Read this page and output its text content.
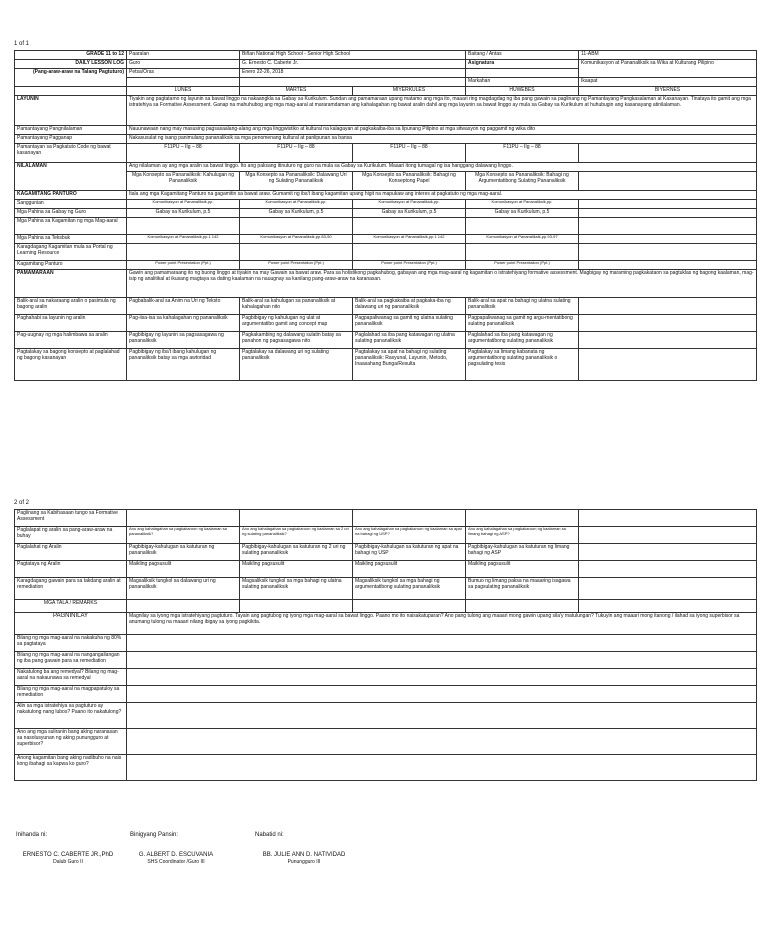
1 of 1
GRADE 11 to 12	Paaralan	Biñan National High School - Senior High School		Baitang / Antas	11-ABM
DAILY LESSON LOG	Guro	G. Ernesto C. Caberte Jr.		Asignatura	Komunikasyon at Pananaliksik sa Wika at Kulturang Pilipino
(Pang-araw-araw na Talang Pagtuturo)	Petsa/Oras	Enero 22-26, 2018			
				Markahan	Ikaapat
	LUNES	MARTES	MIYERKULES	HUWEBES	BIYERNES
LAYUNIN	Tiyakin ang pagtatamo ng layunin sa bawat linggo na nakaangkla sa Gabay sa Kurikulum. Sundan ang pamamaraan upang matamo ang mga ito, maaari ring magdagdag ng iba pang gawain sa paglinang ng Pamantayang Pangkasalaman at Kasanayan. Tinataya ito gamit ang mga istratehiya sa Formative Assessment. Ganap na mahuhubog ang mga mag-aaral at mararamdaman ang kahalagahan ng bawat aralin dahil ang mga layunin sa bawat linggo ay mula sa Gabay sa Kurikulum at huhubugin ang kasanayang atinilalaman.				
Pamantayang Pangnilalaman	Nauunawaan nang may masusing pagsasaalang-alang ang mga linggwistiko at kultural na kalagayan at pagkakaiba-iba sa lipunang Pilipino at mga sitwasyon ng paggamit ng wika dito				
Pamantayang Pagganap	Nakasusulat ng isang panimulang pananaliksik sa mga penomenang kultural at panlipunan sa bansa				
Pamantayan sa Pagkatuto Code ng bawat kasanayan	F11PU – IIg – 88	F11PU – IIg – 88	F11PU – IIg – 88	F11PU – IIg – 88	
NILALAMAN	Ang nilalaman ay ang mga aralin sa bawat linggo. Ito ang paksang itinuturo ng guro na mula sa Gabay sa Kurikulum. Maaari itong tumagal ng isa hanggang dalawang linggo.				
	Mga Konsepto sa Pananaliksik: Kahulugan ng Pananaliksik	Mga Konsepto sa Pananaliksik: Dalawang Uri ng Sulating Pananaliksik	Mga Konsepto sa Pananaliksik: Bahagi ng Konseptong Papel	Mga Konsepto sa Pananaliksik: Bahagi ng Argumentatibong Sulating Pananaliksik	
KAGAMITANG PANTURO	Itala ang mga Kagamitang Panturo na gagamitin sa bawat araw. Gumamit ng iba't ibang kagamitan upang higit na mapukaw ang interes at pagkatuto ng mga mag-aaral.				
Sanggunian	Komunikasyon at Pananaliksik,pp.	Komunikasyon at Pananaliksik,pp.	Komunikasyon at Pananaliksik,pp.	Komunikasyon at Pananaliksik,pp.	
Mga Pahina sa Gabay ng Guro	Gabay sa Kurikulum, p.5	Gabay sa Kurikulum, p.5	Gabay sa Kurikulum, p.5	Gabay sa Kurikulum, p.5	
Mga Pahina sa Kagamitan ng mga Mag-aaral					
Mga Pahina sa Teksbuk	Komunikasyon at Pananaliksik,pp.1 142	Komunikasyon at Pananaliksik,pp.83-90	Komunikasyon at Pananaliksik,pp.1 142	Komunikasyon at Pananaliksik,pp.93-97	
Karagdagang Kagamitan mula sa Portal ng Learning Resource					
Kagamitang Panturo	Power point Presentation (Ppt.)	Power point Presentation (Ppt.)	Power point Presentation (Ppt.)	Power point Presentation (Ppt.)	
PAMAMARAAN	Gawin ang pamamaraang ito ng buong linggo at tiyakin na may Gawain sa bawat araw. Para sa holistikong pagkahubog, gabayan ang mga mag-aaral ng kagamitan o istratehiyang formative assessment. Magbigay ng maraming pagkakataon sa pagtuklas ng bagong kaalaman, mag-isip ng analitikal at ikusang magtaya sa dating kaalaman na nauugnay sa kanilang pang-araw-araw na karanasan.				
Balik-aral sa nakaraang aralin o pasimula ng bagong aralin	Pagbabalik-aral sa Anim na Uri ng Teksto	Balik-aral sa kahulugan sa pananaliksik at kahalagahan nito	Balik-aral sa pagkakaiba at pagkaka-iba ng dalawang uri ng pananaliksik	Balik-aral sa apat na bahagi ng ulatna sulating pananaliksik	
Paghahabi sa layunin ng aralin	Pag-iisa-isa sa kahalagahan ng pananaliksik	Pagbibigay ng kahulugan ng ulat at argumentatibo gamit ang concept map	Pagpapaliwanag sa gamit ng ulatna sulating pananaliksik	Pagpapaliwanag sa gamit ng argu-mentatibong sulating pananaliksik	
Pag-uugnay ng mga halimbawa sa aralin	Pagbibigay ng layunin sa pagsasagawa ng pananaliksik	Pagkakambing ng dalawang sulatin batay sa panahon ng pagsasagawa nito	Paglalahad sa iba pang katawagan ng ulatna sulating pananaliksik	Paglalahad sa iba pang katawagan ng argumentatibong sulating pananaliksik	
Pagtalakay sa bagong konsepto at paglalahad ng bagong kasanayan	Pagbibigay ng iba't ibang kahulugan ng pananaliksik batay sa mga awtoridad	Pagtalakay sa dalawang uri ng sulating pananaliksik	Pagtalakay sa apat na bahagi ng sulating pananaliksik: Rasyunal, Layunin, Metodo, Inaasahang Bunga/Resulta	Pagtalakay sa limang kabanata ng argumentatibong sulating pananaliksik o pagsulating tesis	
2 of 2
Paglinang sa Kabihasaan tungo sa Formative Assessment					
Paglalapat ng aralin sa pang-araw-araw na buhay	Ano ang kahalagahan sa pagkakaroon ng kaalaman sa pananaliksik?	Ano ang kahalagahan sa pagkakaroon ng kaalaman sa 2 uri ng sulating pananaliksik?	Ano ang kahalagahan sa pagkakaroon ng kaalaman sa apat na bahagi ng USP?	Ano ang kahalagahan sa pagkakaroon ng kaalaman sa limang bahagi ng ASP?	
Paglalahat ng Aralin	Pagbibigay-kahulugan sa katuturan ng pananaliksik	Pagbibigay-kahulugan sa katuturan ng 2 uri ng sulating pananaliksik	Pagbibigay-kahulugan sa katuturan ng apat na bahagi ng USP	Pagbibigay-kahulugan sa katuturan ng limang bahagi ng ASP	
Pagtataya ng Aralin	Maikling pagsusulit	Maikling pagsusulit	Maikling pagsusulit	Maikling pagsusulit	
Karagdagang gawain para sa takdang aralin at remediation	Magsaliksik tungkol sa dalawang uri ng pananaliksik	Magsaliksik tungkol sa mga bahagi ng ulatna sulating pananaliksik	Magsaliksik tungkol sa mga bahagi ng argumentatibong sulating pananaliksik	Bumuo ng limang paksa na maaaring isagawa sa pagsulating pananaliksik	
MGA TALA / REMARKS					
PAGNINILAY	Magnilay sa iyong mga istratehiyang pagtuturo. Tayain ang pagtubog ng iyong mga mag-aaral sa bawat linggo. Paano mo ito naisakatuparan? Ano pang tulong ang maaari mong gawin upang sila'y matulungan? Tukuyin ang maaari mong itanong / ilahad sa iyong superbisor sa anumang tulong na maaari nilang ibigay sa iyong pagkikita.				
Bilang ng mga mag-aaral na nakakuha ng 80% sa pagtataya					
Bilang ng mga mag-aaral na nangangailangan ng iba pang gawain para sa remediation					
Nakatulong ba ang remedyal? Bilang ng mag-aaral na nakaunawa sa remedyal					
Bilang ng mga mag-aaral na magpapatuloy sa remediation					
Alin sa mga istratehiya sa pagtuturo ay nakatulong nang lubos? Paano ito nakatulong?					
Ano ang mga suliranin bang aking naranasan sa nasolusyunan ng aking punungguro at superbisor?					
Anong kagamitan bang aking nadibuho na nais kong ibahagi sa kapwa ko guro?					
Inihanda ni:	Binigyang Pansin:	Nabatid ni:
ERNESTO C. CABERTE JR.,PhD
Dalub Guro II
G. ALBERT D. ESCUVANIA
SHS Coordinator /Guro III
BB. JULIE ANN D. NATIVIDAD
Punungguro III
